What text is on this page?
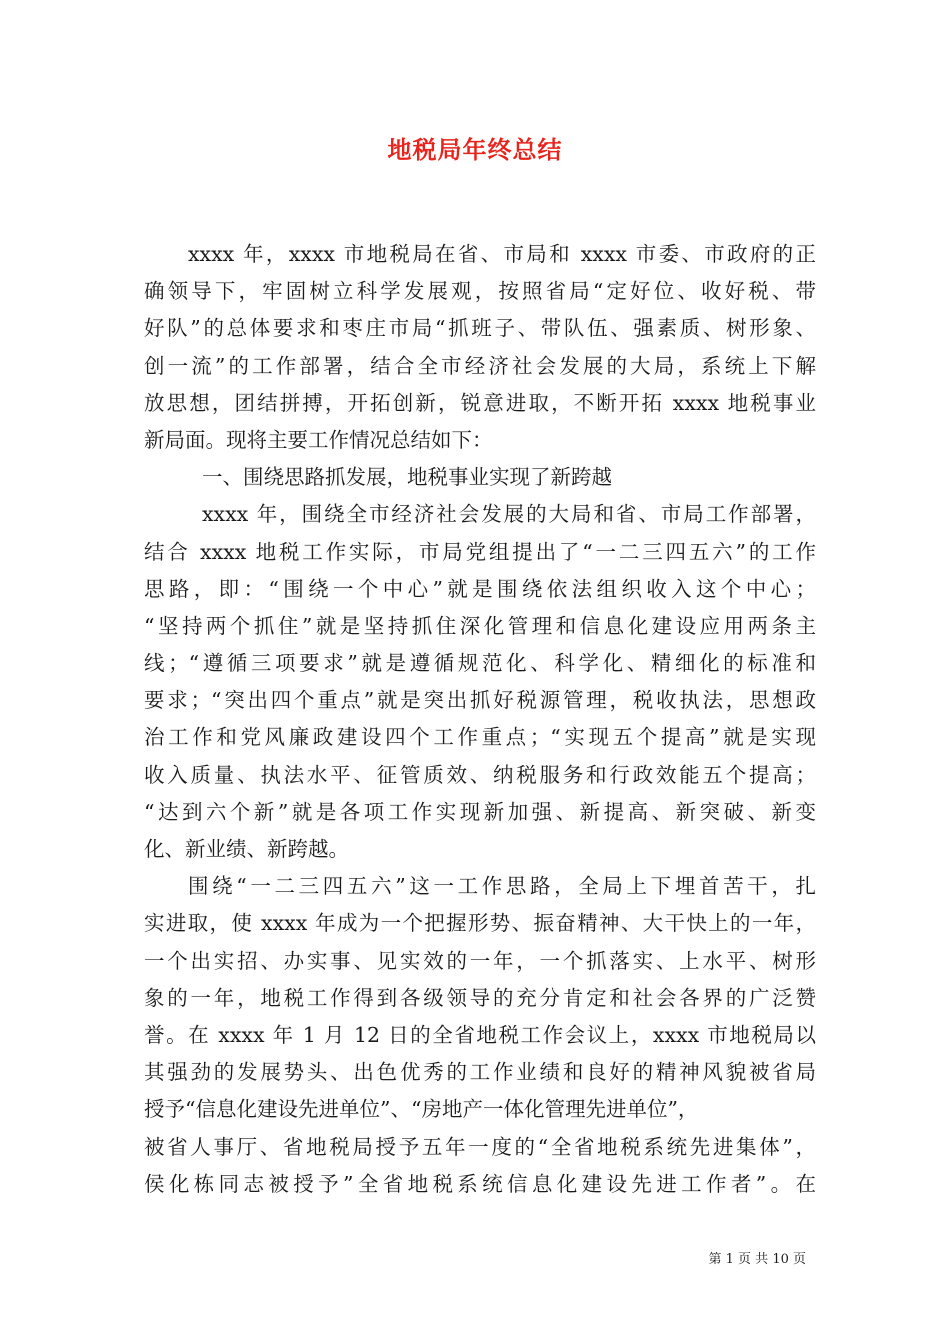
地税局年终总结
xxxx 年，xxxx 市地税局在省、市局和 xxxx 市委、市政府的正
确领导下，牢固树立科学发展观，按照省局“定好位、收好税、带
好队”的总体要求和枣庄市局“抓班子、带队伍、强素质、树形象、
创一流”的工作部署，结合全市经济社会发展的大局，系统上下解
放思想，团结拼搏，开拓创新，锐意进取，不断开拓 xxxx 地税事业
新局面。现将主要工作情况总结如下：
一、围绕思路抓发展，地税事业实现了新跨越
xxxx 年，围绕全市经济社会发展的大局和省、市局工作部署，
结合 xxxx 地税工作实际，市局党组提出了“一二三四五六”的工作
思路，即：“围绕一个中心”就是围绕依法组织收入这个中心；
“坚持两个抓住”就是坚持抓住深化管理和信息化建设应用两条主
线；“遵循三项要求”就是遵循规范化、科学化、精细化的标准和
要求；“突出四个重点”就是突出抓好税源管理，税收执法，思想政
治工作和党风廉政建设四个工作重点；“实现五个提高”就是实现
收入质量、执法水平、征管质效、纳税服务和行政效能五个提高；
“达到六个新”就是各项工作实现新加强、新提高、新突破、新变
化、新业绩、新跨越。
围绕“一二三四五六”这一工作思路，全局上下埋首苦干，扎
实进取，使 xxxx 年成为一个把握形势、振奋精神、大干快上的一年，
一个出实招、办实事、见实效的一年，一个抓落实、上水平、树形
象的一年，地税工作得到各级领导的充分肯定和社会各界的广泛赞
誉。在 xxxx 年 1 月 12 日的全省地税工作会议上，xxxx 市地税局以
其强劲的发展势头、出色优秀的工作业绩和良好的精神风貌被省局
授予“信息化建设先进单位”、“房地产一体化管理先进单位”，
被省人事厅、省地税局授予五年一度的“全省地税系统先进集体”，
侯化栋同志被授予”全省地税系统信息化建设先进工作者”。在
第 1 页 共 10 页
